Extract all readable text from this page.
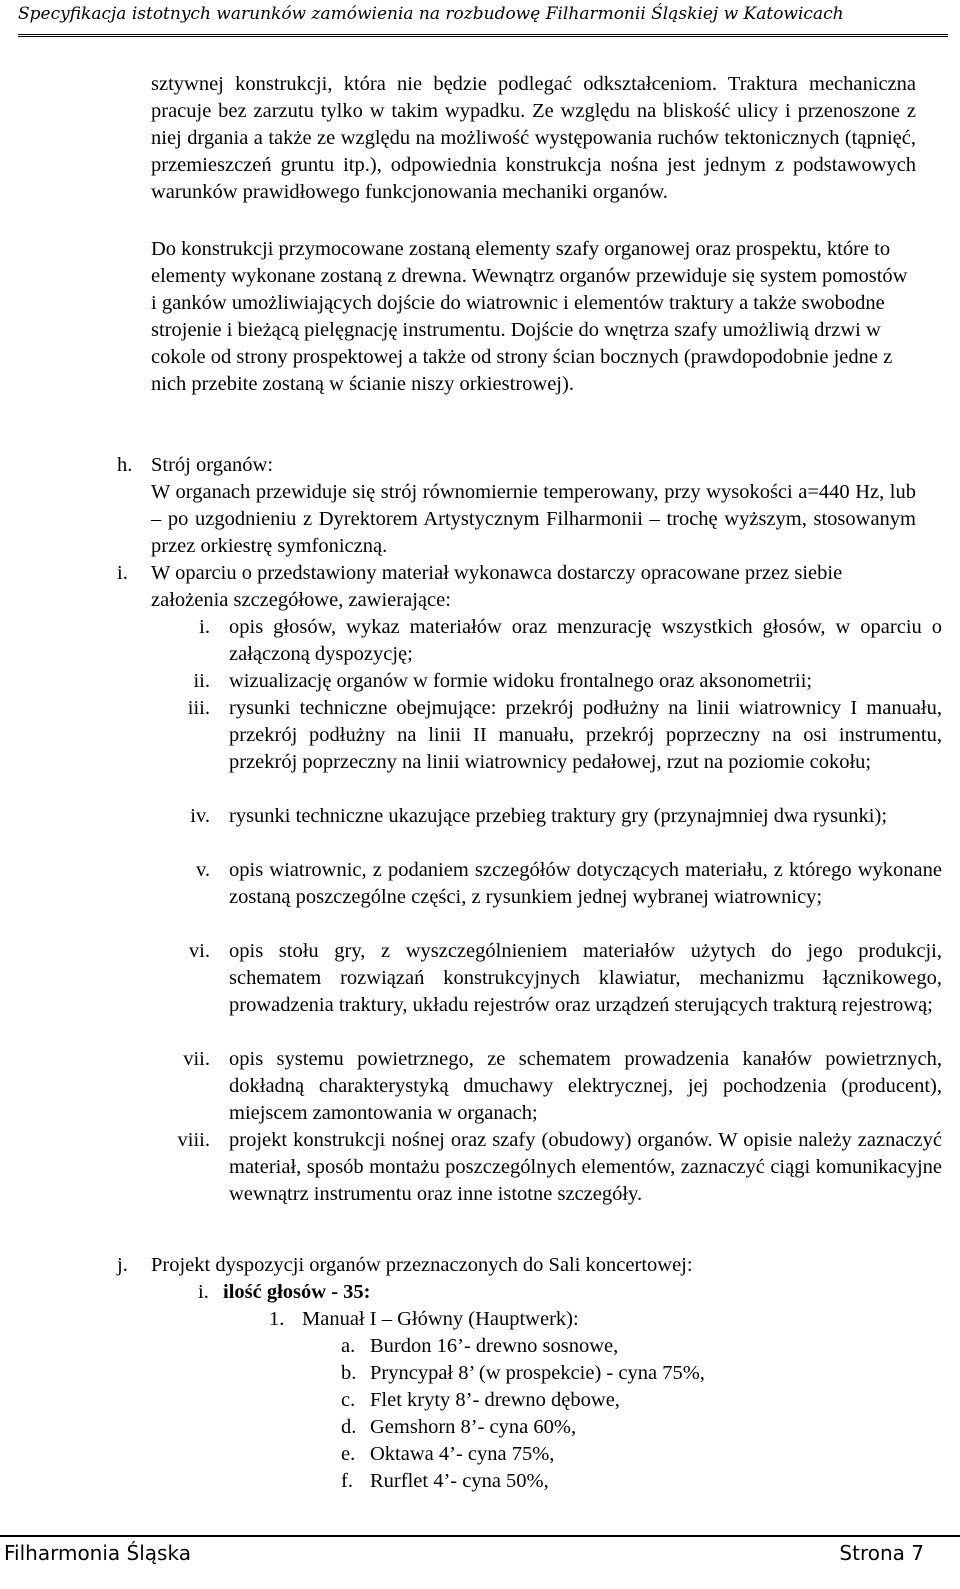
Specyfikacja istotnych warunków zamówienia na rozbudowę Filharmonii Śląskiej w Katowicach

sztywnej konstrukcji, która nie będzie podlegać odkształceniom. Traktura mechaniczna pracuje bez zarzutu tylko w takim wypadku. Ze względu na bliskość ulicy i przenoszone z niej drgania a także ze względu na możliwość występowania ruchów tektonicznych (tąpnięć, przemieszczeń gruntu itp.), odpowiednia konstrukcja nośna jest jednym z podstawowych warunków prawidłowego funkcjonowania mechaniki organów.

Do konstrukcji przymocowane zostaną elementy szafy organowej oraz prospektu, które to elementy wykonane zostaną z drewna. Wewnątrz organów przewiduje się system pomostów i ganków umożliwiających dojście do wiatrownic i elementów traktury a także swobodne strojenie i bieżącą pielęgnację instrumentu. Dojście do wnętrza szafy umożliwią drzwi w cokole od strony prospektowej a także od strony ścian bocznych (prawdopodobnie jedne z nich przebite zostaną w ścianie niszy orkiestrowej).

h. Strój organów:

W organach przewiduje się strój równomiernie temperowany, przy wysokości a=440 Hz, lub – po uzgodnieniu z Dyrektorem Artystycznym Filharmonii – trochę wyższym, stosowanym przez orkiestrę symfoniczną.

i. W oparciu o przedstawiony materiał wykonawca dostarczy opracowane przez siebie założenia szczegółowe, zawierające:

i. opis głosów, wykaz materiałów oraz menzurację wszystkich głosów, w oparciu o załączoną dyspozycję;

ii. wizualizację organów w formie widoku frontalnego oraz aksonometrii;

iii. rysunki techniczne obejmujące: przekrój podłużny na linii wiatrownicy I manuału, przekrój podłużny na linii II manuału, przekrój poprzeczny na osi instrumentu, przekrój poprzeczny na linii wiatrownicy pedałowej, rzut na poziomie cokołu;

iv. rysunki techniczne ukazujące przebieg traktury gry (przynajmniej dwa rysunki);

v. opis wiatrownic, z podaniem szczegółów dotyczących materiału, z którego wykonane zostaną poszczególne części, z rysunkiem jednej wybranej wiatrownicy;

vi. opis stołu gry, z wyszczególnieniem materiałów użytych do jego produkcji, schematem rozwiązań konstrukcyjnych klawiatur, mechanizmu łącznikowego, prowadzenia traktury, układu rejestrów oraz urządzeń sterujących trakturą rejestrową;

vii. opis systemu powietrznego, ze schematem prowadzenia kanałów powietrznych, dokładną charakterystyką dmuchawy elektrycznej, jej pochodzenia (producent), miejscem zamontowania w organach;

viii. projekt konstrukcji nośnej oraz szafy (obudowy) organów. W opisie należy zaznaczyć materiał, sposób montażu poszczególnych elementów, zaznaczyć ciągi komunikacyjne wewnątrz instrumentu oraz inne istotne szczegóły.

j. Projekt dyspozycji organów przeznaczonych do Sali koncertowej:
i. ilość głosów - 35:
1. Manuał I – Główny (Hauptwerk):
a. Burdon 16’- drewno sosnowe,
b. Pryncypał 8’ (w prospekcie) - cyna 75%,
c. Flet kryty 8’- drewno dębowe,
d. Gemshorn 8’- cyna 60%,
e. Oktawa 4’- cyna 75%,
f. Rurflet 4’- cyna 50%,
Filharmonia Śląska	Strona 7
